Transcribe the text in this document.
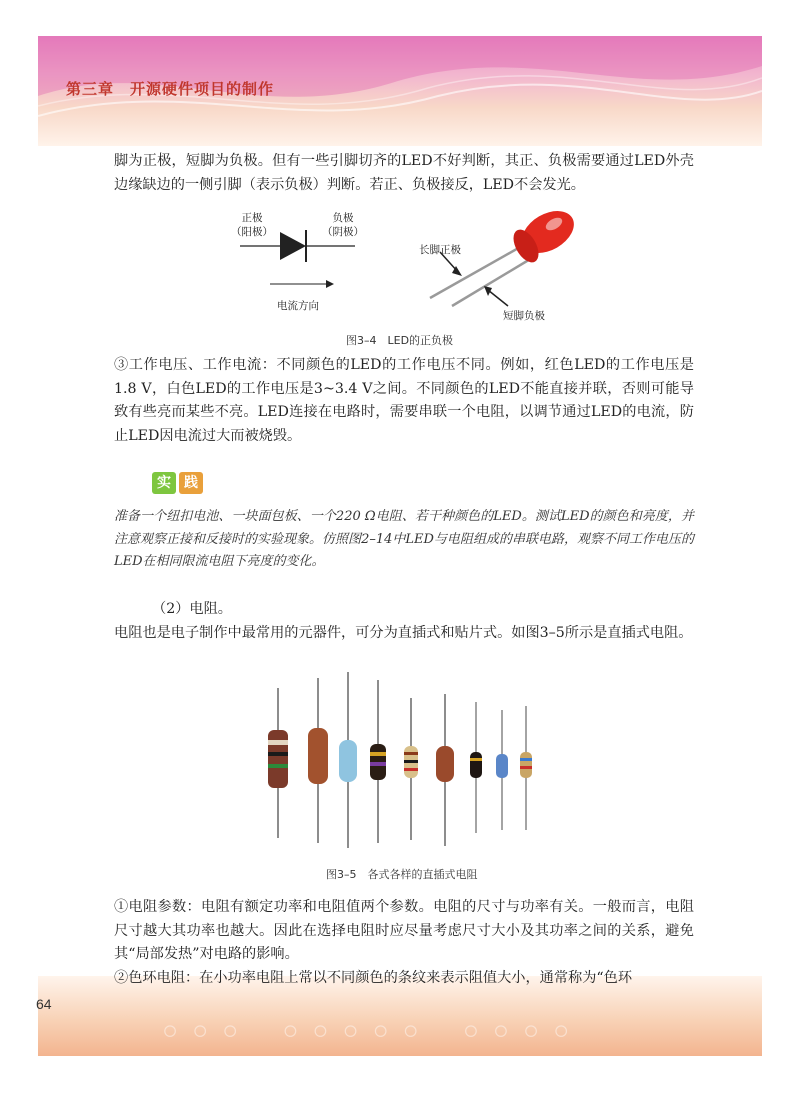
第三章　开源硬件项目的制作
◦◦◦ ◦◦◦◦◦ ◦◦◦◦
脚为正极，短脚为负极。但有一些引脚切齐的LED不好判断，其正、负极需要通过LED外壳边缘缺边的一侧引脚（表示负极）判断。若正、负极接反，LED不会发光。
正极
（阳极）
负极
（阴极）
电流方向
长脚正极
短脚负极
图3–4　LED的正负极
③工作电压、工作电流：不同颜色的LED的工作电压不同。例如，红色LED的工作电压是1.8 V，白色LED的工作电压是3~3.4 V之间。不同颜色的LED不能直接并联，否则可能导致有些亮而某些不亮。LED连接在电路时，需要串联一个电阻，以调节通过LED的电流，防止LED因电流过大而被烧毁。
实 践
准备一个纽扣电池、一块面包板、一个220 Ω电阻、若干种颜色的LED。测试LED的颜色和亮度，并注意观察正接和反接时的实验现象。仿照图2–14中LED与电阻组成的串联电路，观察不同工作电压的LED在相同限流电阻下亮度的变化。
（2）电阻。
电阻也是电子制作中最常用的元器件，可分为直插式和贴片式。如图3–5所示是直插式电阻。
图3–5　各式各样的直插式电阻
①电阻参数：电阻有额定功率和电阻值两个参数。电阻的尺寸与功率有关。一般而言，电阻尺寸越大其功率也越大。因此在选择电阻时应尽量考虑尺寸大小及其功率之间的关系，避免其“局部发热”对电路的影响。
②色环电阻：在小功率电阻上常以不同颜色的条纹来表示阻值大小，通常称为“色环
64
